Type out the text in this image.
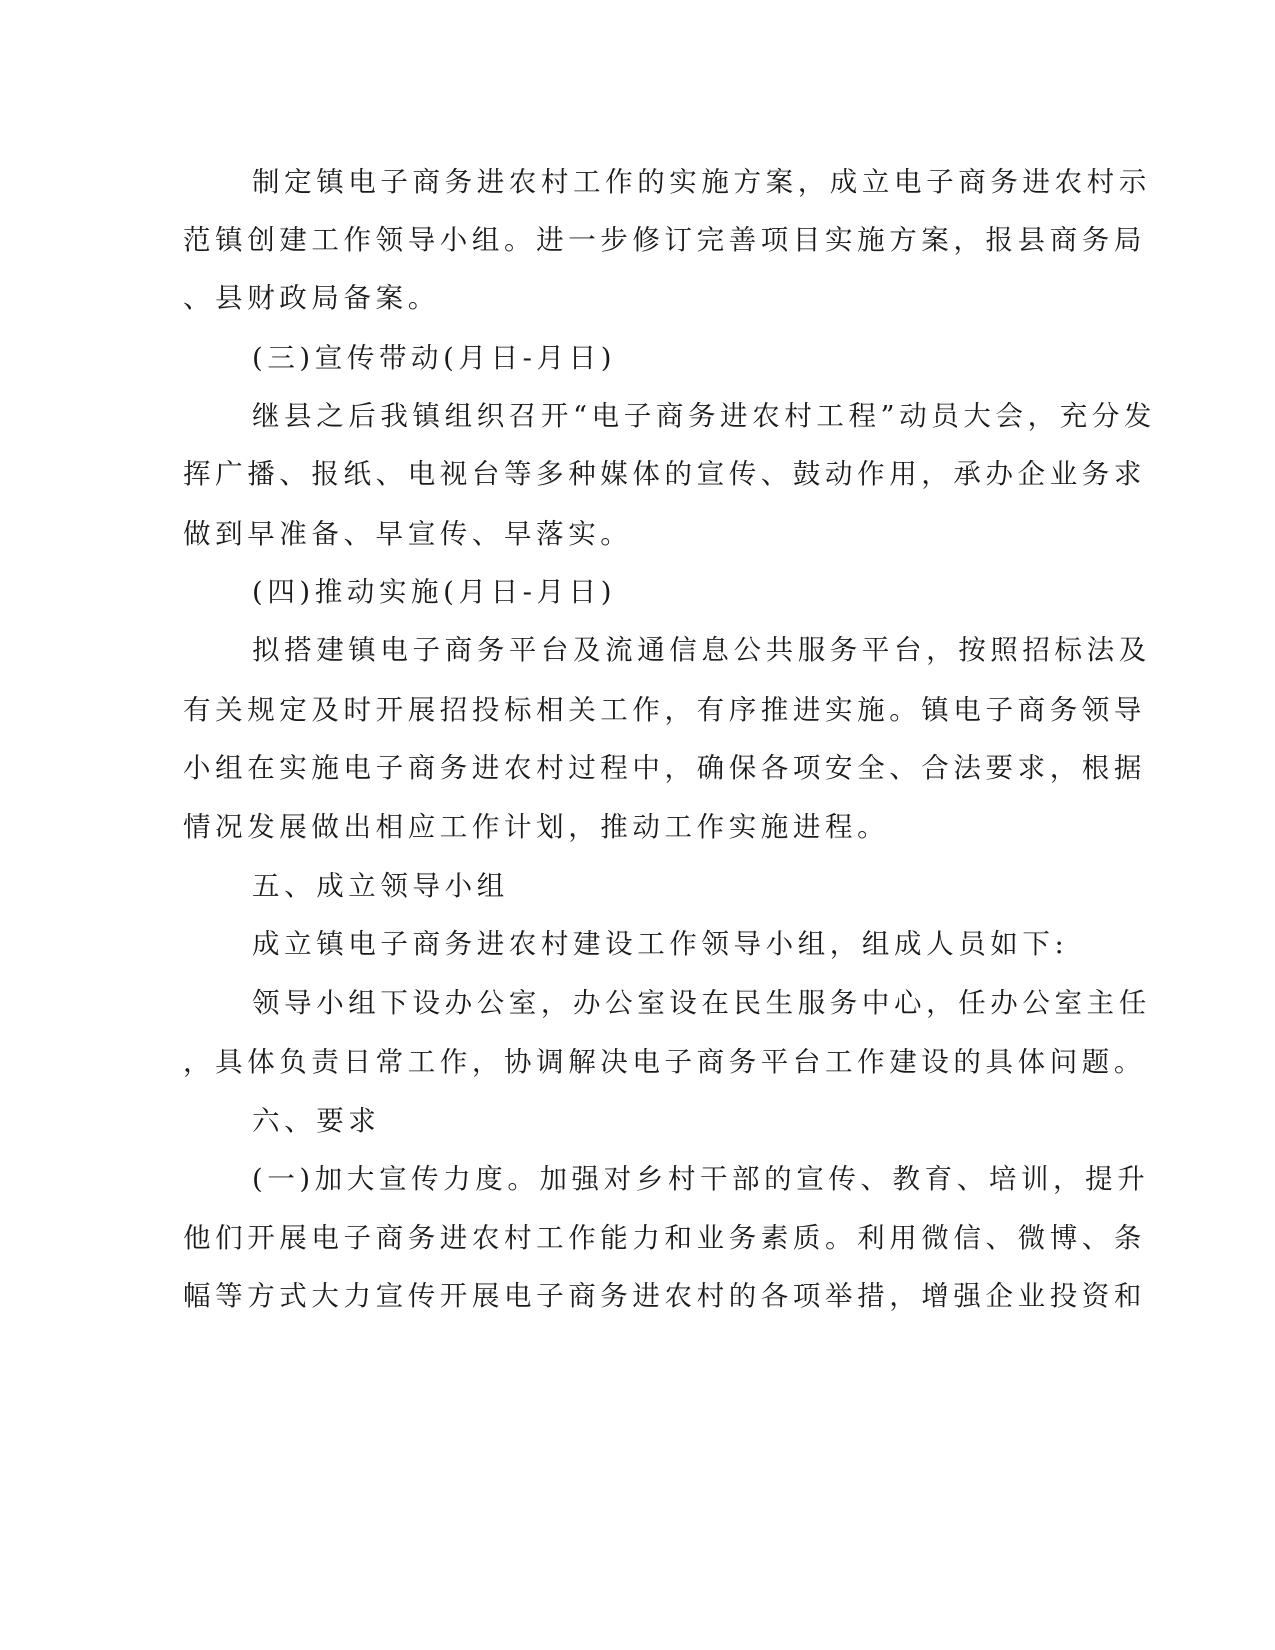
制定镇电子商务进农村工作的实施方案，成立电子商务进农村示
范镇创建工作领导小组。进一步修订完善项目实施方案，报县商务局
、县财政局备案。
(三)宣传带动(月日-月日)
继县之后我镇组织召开“电子商务进农村工程”动员大会，充分发
挥广播、报纸、电视台等多种媒体的宣传、鼓动作用，承办企业务求
做到早准备、早宣传、早落实。
(四)推动实施(月日-月日)
拟搭建镇电子商务平台及流通信息公共服务平台，按照招标法及
有关规定及时开展招投标相关工作，有序推进实施。镇电子商务领导
小组在实施电子商务进农村过程中，确保各项安全、合法要求，根据
情况发展做出相应工作计划，推动工作实施进程。
五、成立领导小组
成立镇电子商务进农村建设工作领导小组，组成人员如下:
领导小组下设办公室，办公室设在民生服务中心，任办公室主任
，具体负责日常工作，协调解决电子商务平台工作建设的具体问题。
六、要求
(一)加大宣传力度。加强对乡村干部的宣传、教育、培训，提升
他们开展电子商务进农村工作能力和业务素质。利用微信、微博、条
幅等方式大力宣传开展电子商务进农村的各项举措，增强企业投资和
